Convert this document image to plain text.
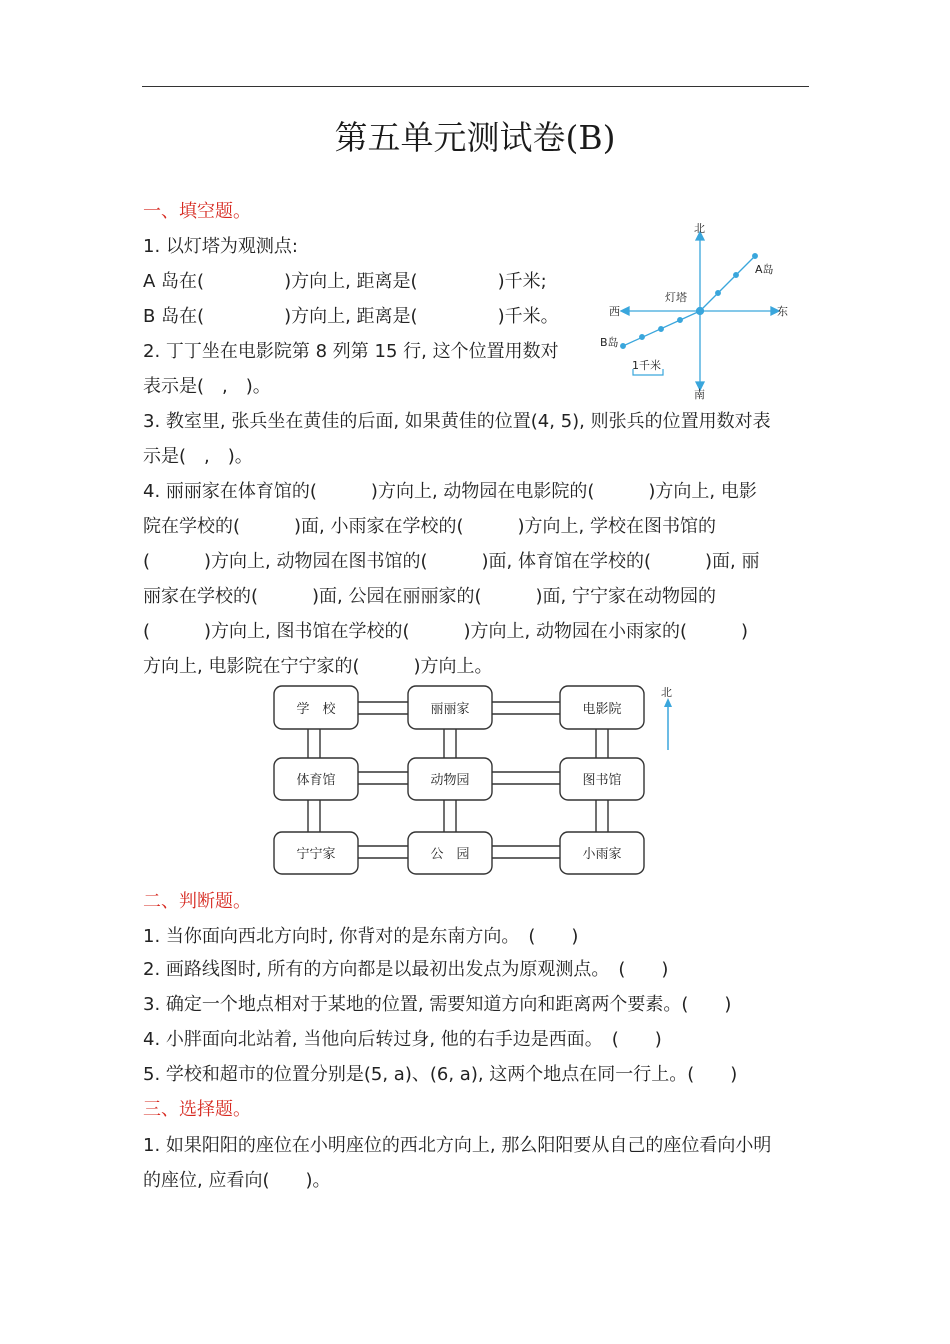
第五单元测试卷(B)
一、填空题。
1. 以灯塔为观测点:
A 岛在(	)方向上, 距离是(	)千米;
B 岛在(	)方向上, 距离是(	)千米。
2. 丁丁坐在电影院第 8 列第 15 行, 这个位置用数对
表示是(　,　)。
3. 教室里, 张兵坐在黄佳的后面, 如果黄佳的位置(4, 5), 则张兵的位置用数对表
示是(　,　)。
4. 丽丽家在体育馆的(　　　)方向上, 动物园在电影院的(　　　)方向上, 电影
院在学校的(　　　)面, 小雨家在学校的(　　　)方向上, 学校在图书馆的
(　　　)方向上, 动物园在图书馆的(　　　)面, 体育馆在学校的(　　　)面, 丽
丽家在学校的(　　　)面, 公园在丽丽家的(　　　)面, 宁宁家在动物园的
(　　　)方向上, 图书馆在学校的(　　　)方向上, 动物园在小雨家的(　　　)
方向上, 电影院在宁宁家的(　　　)方向上。
北
南
东
西
灯塔
A岛
B岛
1千米
学　校	丽丽家	电影院
体育馆	动物园	图书馆
宁宁家	公　园	小雨家
北
二、判断题。
1. 当你面向西北方向时, 你背对的是东南方向。　(　　)
2. 画路线图时, 所有的方向都是以最初出发点为原观测点。　(　　)
3. 确定一个地点相对于某地的位置, 需要知道方向和距离两个要素。(　　)
4. 小胖面向北站着, 当他向后转过身, 他的右手边是西面。　(　　)
5. 学校和超市的位置分别是(5, a)、(6, a), 这两个地点在同一行上。(　　)
三、选择题。
1. 如果阳阳的座位在小明座位的西北方向上, 那么阳阳要从自己的座位看向小明
的座位, 应看向(　　)。
